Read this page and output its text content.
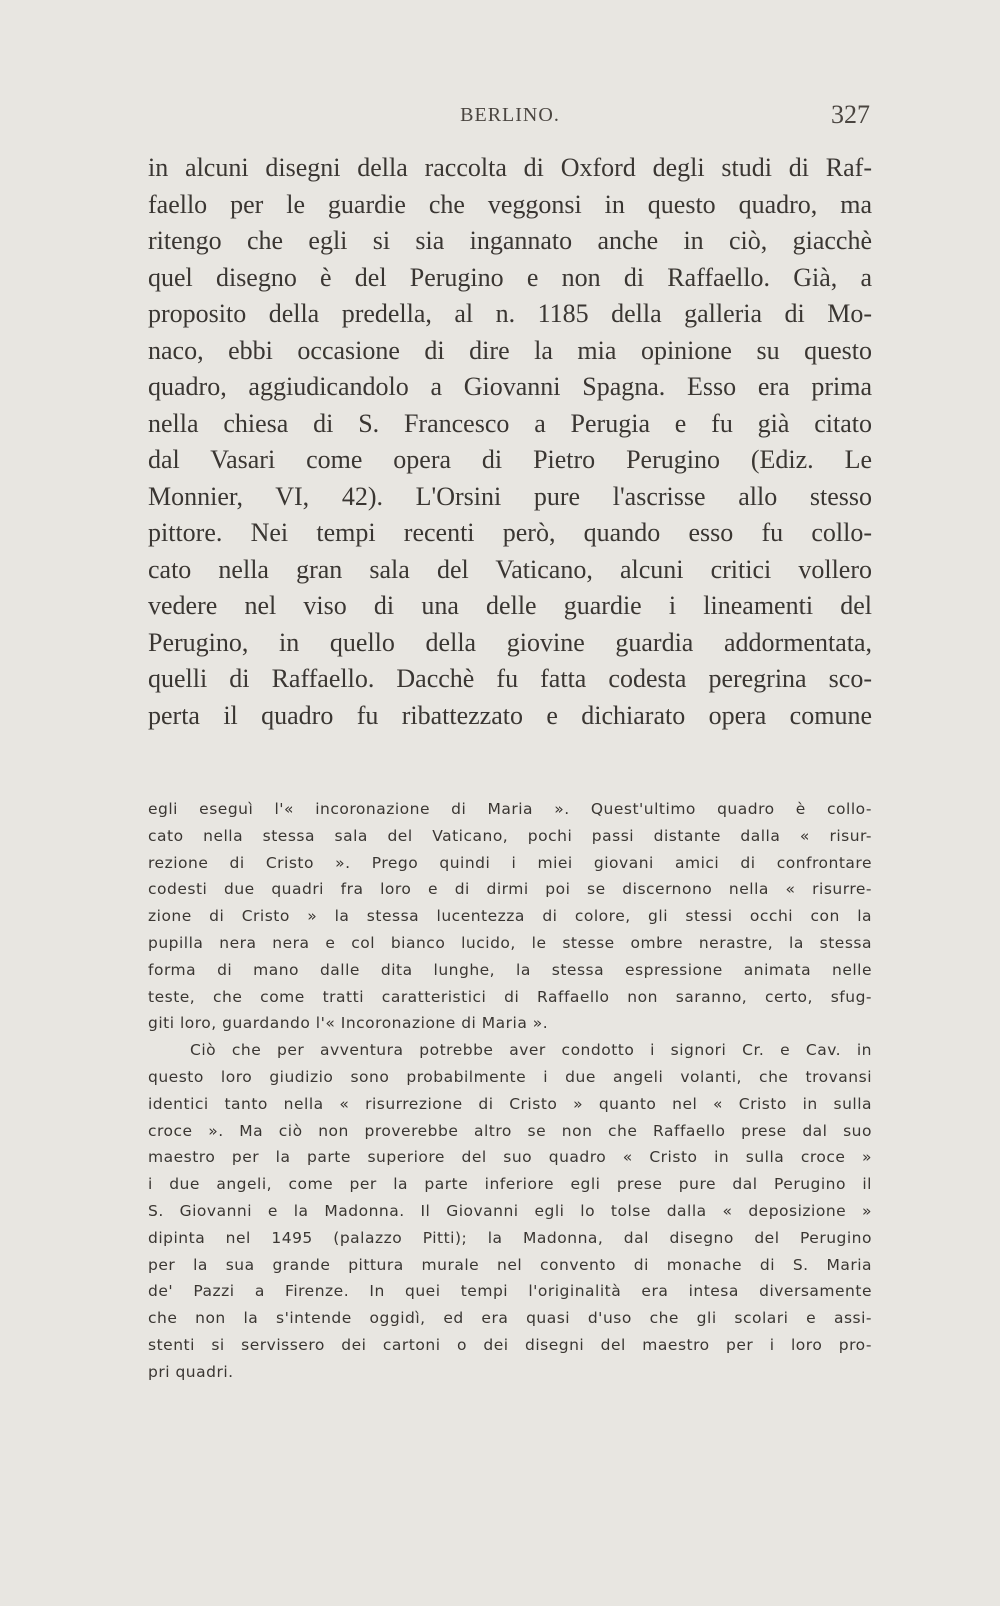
BERLINO.	327
in alcuni disegni della raccolta di Oxford degli studi di Raf-
faello per le guardie che veggonsi in questo quadro, ma
ritengo che egli si sia ingannato anche in ciò, giacchè
quel disegno è del Perugino e non di Raffaello. Già, a
proposito della predella, al n. 1185 della galleria di Mo-
naco, ebbi occasione di dire la mia opinione su questo
quadro, aggiudicandolo a Giovanni Spagna. Esso era prima
nella chiesa di S. Francesco a Perugia e fu già citato
dal Vasari come opera di Pietro Perugino (Ediz. Le
Monnier, VI, 42). L'Orsini pure l'ascrisse allo stesso
pittore. Nei tempi recenti però, quando esso fu collo-
cato nella gran sala del Vaticano, alcuni critici vollero
vedere nel viso di una delle guardie i lineamenti del
Perugino, in quello della giovine guardia addormentata,
quelli di Raffaello. Dacchè fu fatta codesta peregrina sco-
perta il quadro fu ribattezzato e dichiarato opera comune
egli eseguì l'« incoronazione di Maria ». Quest'ultimo quadro è collo-
cato nella stessa sala del Vaticano, pochi passi distante dalla « risur-
rezione di Cristo ». Prego quindi i miei giovani amici di confrontare
codesti due quadri fra loro e di dirmi poi se discernono nella « risurre-
zione di Cristo » la stessa lucentezza di colore, gli stessi occhi con la
pupilla nera nera e col bianco lucido, le stesse ombre nerastre, la stessa
forma di mano dalle dita lunghe, la stessa espressione animata nelle
teste, che come tratti caratteristici di Raffaello non saranno, certo, sfug-
giti loro, guardando l'« Incoronazione di Maria ».
Ciò che per avventura potrebbe aver condotto i signori Cr. e Cav. in
questo loro giudizio sono probabilmente i due angeli volanti, che trovansi
identici tanto nella « risurrezione di Cristo » quanto nel « Cristo in sulla
croce ». Ma ciò non proverebbe altro se non che Raffaello prese dal suo
maestro per la parte superiore del suo quadro « Cristo in sulla croce »
i due angeli, come per la parte inferiore egli prese pure dal Perugino il
S. Giovanni e la Madonna. Il Giovanni egli lo tolse dalla « deposizione »
dipinta nel 1495 (palazzo Pitti); la Madonna, dal disegno del Perugino
per la sua grande pittura murale nel convento di monache di S. Maria
de' Pazzi a Firenze. In quei tempi l'originalità era intesa diversamente
che non la s'intende oggidì, ed era quasi d'uso che gli scolari e assi-
stenti si servissero dei cartoni o dei disegni del maestro per i loro pro-
pri quadri.
